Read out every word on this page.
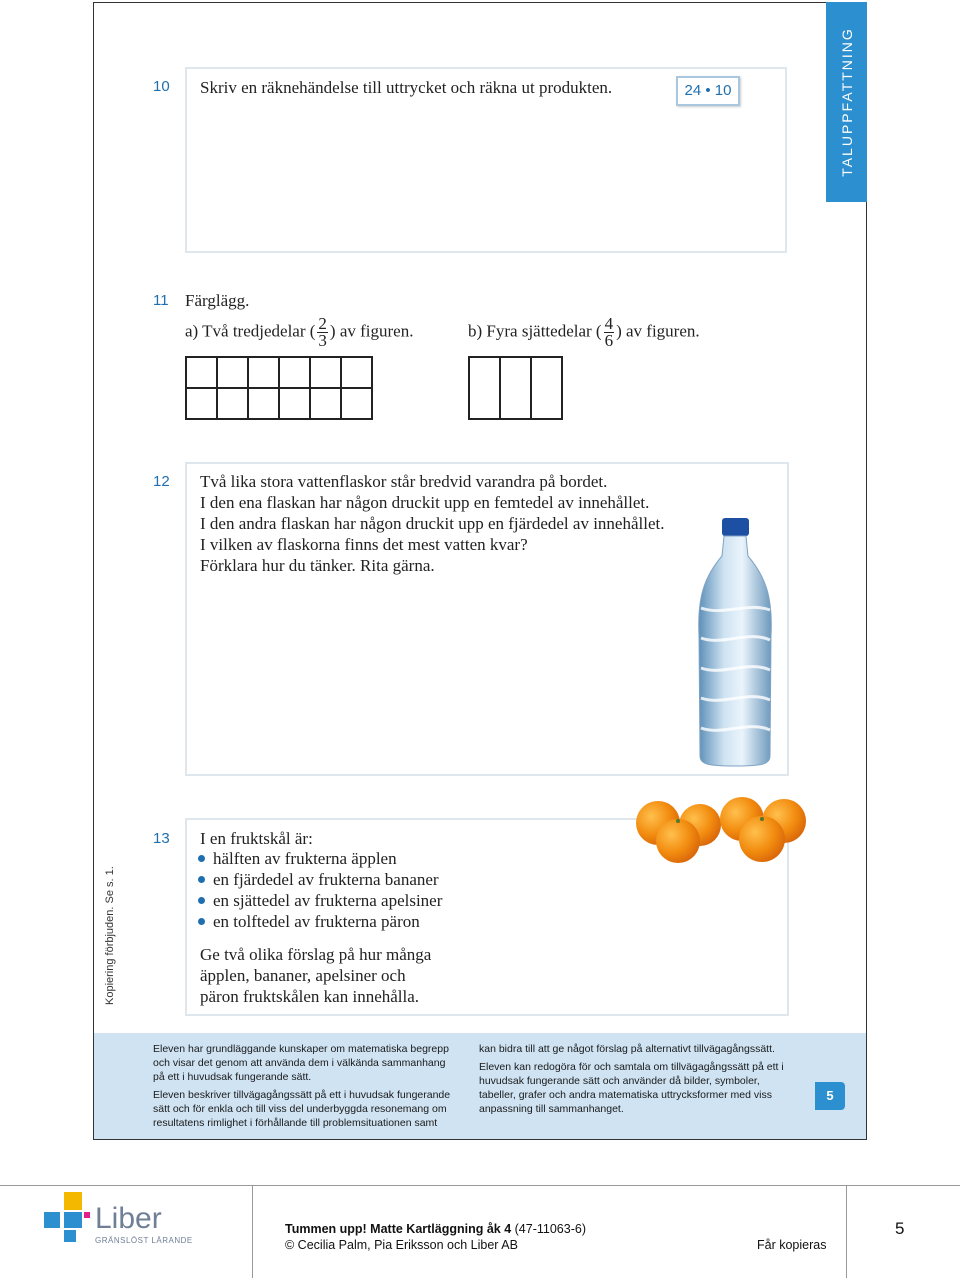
TALUPPFATTNING
10 Skriv en räknehändelse till uttrycket och räkna ut produkten.	24 • 10
11 Färglägg.
a) Två tredjedelar ( $\frac{2}{3}$ ) av figuren.	b) Fyra sjättedelar ( $\frac{4}{6}$ ) av figuren.

12 Två lika stora vattenflaskor står bredvid varandra på bordet.
I den ena flaskan har någon druckit upp en femtedel av innehållet.
I den andra flaskan har någon druckit upp en fjärdedel av innehållet.
I vilken av flaskorna finns det mest vatten kvar?
Förklara hur du tänker. Rita gärna.
13 I en fruktskål är:
hälften av frukterna äpplen
en fjärdedel av frukterna bananer
en sjättedel av frukterna apelsiner
en tolftedel av frukterna päron
Ge två olika förslag på hur många
äpplen, bananer, apelsiner och
päron fruktskålen kan innehålla.
Kopiering förbjuden. Se s. 1.

Eleven har grundläggande kunskaper om matematiska begrepp och visar det genom att använda dem i välkända sammanhang på ett i huvudsak fungerande sätt.

Eleven beskriver tillvägagångssätt på ett i huvudsak fungerande sätt och för enkla och till viss del underbyggda resonemang om resultatens rimlighet i förhållande till problemsituationen samt

kan bidra till att ge något förslag på alternativt tillvägagångssätt.

Eleven kan redogöra för och samtala om tillvägagångssätt på ett i huvudsak fungerande sätt och använder då bilder, symboler, tabeller, grafer och andra matematiska uttrycksformer med viss anpassning till sammanhanget.

5
Liber
GRÄNSLÖST LÄRANDE
Tummen upp! Matte Kartläggning åk 4 (47-11063-6)
© Cecilia Palm, Pia Eriksson och Liber AB	Får kopieras
5
